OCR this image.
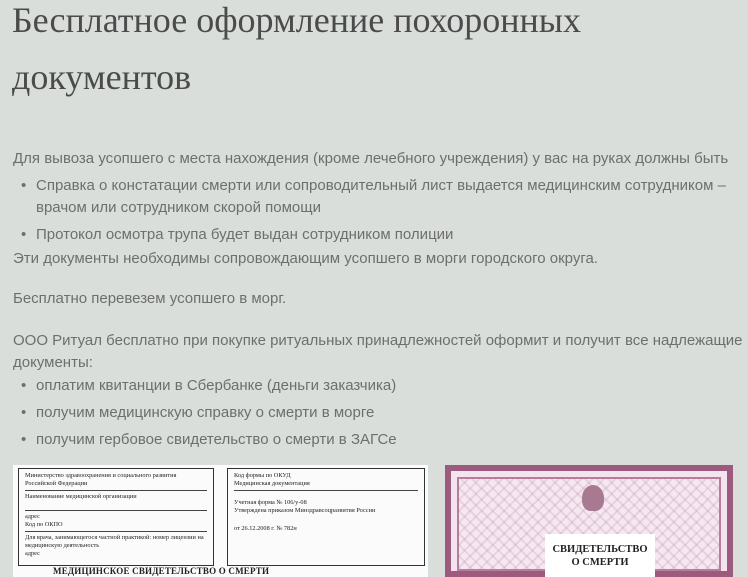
Бесплатное оформление похоронных документов

Для вывоза усопшего с места нахождения (кроме лечебного учреждения) у вас на руках должны быть

• Справка о констатации смерти или сопроводительный лист выдается медицинским сотрудником – врачом или сотрудником скорой помощи
• Протокол осмотра трупа будет выдан сотрудником полиции

Эти документы необходимы сопровождающим усопшего в морги городского округа.

Бесплатно перевезем усопшего в морг.

ООО Ритуал бесплатно при покупке ритуальных принадлежностей оформит и получит все надлежащие документы:

• оплатим квитанции в Сбербанке (деньги заказчика)
• получим медицинскую справку о смерти в морге
• получим гербовое свидетельство о смерти в ЗАГСе
Министерство здравоохранения и социального развития Российской Федерации
Наименование медицинской организации
адрес
Код по ОКПО
Для врача, занимающегося частной практикой: номер лицензии на медицинскую деятельность
адрес
Код формы по ОКУД
Медицинская документация
Учетная форма № 106/у-08
Утверждена приказом Минздравсоцразвития России
от 26.12.2008 г. № 782н
МЕДИЦИНСКОЕ СВИДЕТЕЛЬСТВО О СМЕРТИ
СВИДЕТЕЛЬСТВО
О СМЕРТИ
